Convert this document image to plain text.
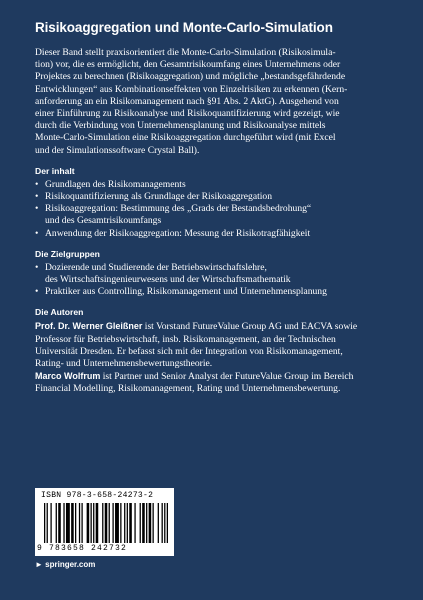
Risikoaggregation und Monte-Carlo-Simulation

Dieser Band stellt praxisorientiert die Monte-Carlo-Simulation (Risikosimula-
tion) vor, die es ermöglicht, den Gesamtrisikoumfang eines Unternehmens oder
Projektes zu berechnen (Risikoaggregation) und mögliche „bestandsgefährdende
Entwicklungen“ aus Kombinationseffekten von Einzelrisiken zu erkennen (Kern-
anforderung an ein Risikomanagement nach §91 Abs. 2 AktG). Ausgehend von
einer Einführung zu Risikoanalyse und Risikoquantifizierung wird gezeigt, wie
durch die Verbindung von Unternehmensplanung und Risikoanalyse mittels
Monte-Carlo-Simulation eine Risikoaggregation durchgeführt wird (mit Excel
und der Simulationssoftware Crystal Ball).

Der inhalt
• Grundlagen des Risikomanagements
• Risikoquantifizierung als Grundlage der Risikoaggregation
• Risikoaggregation: Bestimmung des „Grads der Bestandsbedrohung“
und des Gesamtrisikoumfangs
• Anwendung der Risikoaggregation: Messung der Risikotragfähigkeit
Die Zielgruppen
• Dozierende und Studierende der Betriebswirtschaftslehre,
des Wirtschaftsingenieurwesens und der Wirtschaftsmathematik
• Praktiker aus Controlling, Risikomanagement und Unternehmensplanung
Die Autoren

Prof. Dr. Werner Gleißner ist Vorstand FutureValue Group AG und EACVA sowie
Professor für Betriebswirtschaft, insb. Risikomanagement, an der Technischen
Universität Dresden. Er befasst sich mit der Integration von Risikomanagement,
Rating- und Unternehmensbewertungstheorie.

Marco Wolfrum ist Partner und Senior Analyst der FutureValue Group im Bereich
Financial Modelling, Risikomanagement, Rating und Unternehmensbewertung.

ISBN 978-3-658-24273-2
9 783658 242732
► springer.com
